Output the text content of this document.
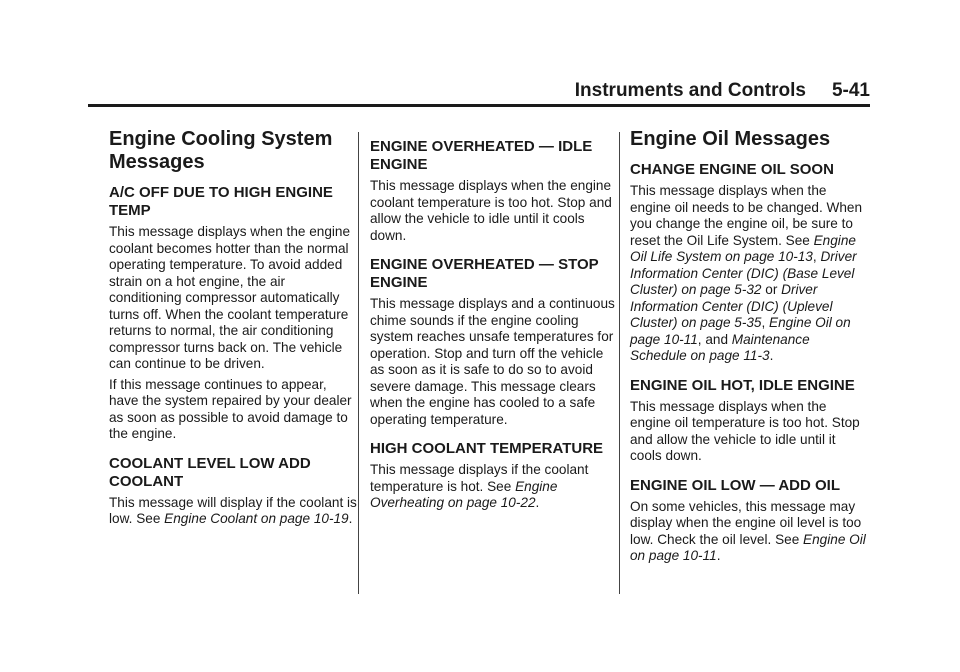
Instruments and Controls 5-41
Engine Cooling System Messages
A/C OFF DUE TO HIGH ENGINE TEMP

This message displays when the engine coolant becomes hotter than the normal operating temperature. To avoid added strain on a hot engine, the air conditioning compressor automatically turns off. When the coolant temperature returns to normal, the air conditioning compressor turns back on. The vehicle can continue to be driven.

If this message continues to appear, have the system repaired by your dealer as soon as possible to avoid damage to the engine.

COOLANT LEVEL LOW ADD COOLANT

This message will display if the coolant is low. See Engine Coolant on page 10-19.

ENGINE OVERHEATED — IDLE ENGINE

This message displays when the engine coolant temperature is too hot. Stop and allow the vehicle to idle until it cools down.

ENGINE OVERHEATED — STOP ENGINE

This message displays and a continuous chime sounds if the engine cooling system reaches unsafe temperatures for operation. Stop and turn off the vehicle as soon as it is safe to do so to avoid severe damage. This message clears when the engine has cooled to a safe operating temperature.

HIGH COOLANT TEMPERATURE

This message displays if the coolant temperature is hot. See Engine Overheating on page 10-22.

Engine Oil Messages
CHANGE ENGINE OIL SOON

This message displays when the engine oil needs to be changed. When you change the engine oil, be sure to reset the Oil Life System. See Engine Oil Life System on page 10-13, Driver Information Center (DIC) (Base Level Cluster) on page 5-32 or Driver Information Center (DIC) (Uplevel Cluster) on page 5-35, Engine Oil on page 10-11, and Maintenance Schedule on page 11-3.

ENGINE OIL HOT, IDLE ENGINE

This message displays when the engine oil temperature is too hot. Stop and allow the vehicle to idle until it cools down.

ENGINE OIL LOW — ADD OIL

On some vehicles, this message may display when the engine oil level is too low. Check the oil level. See Engine Oil on page 10-11.
